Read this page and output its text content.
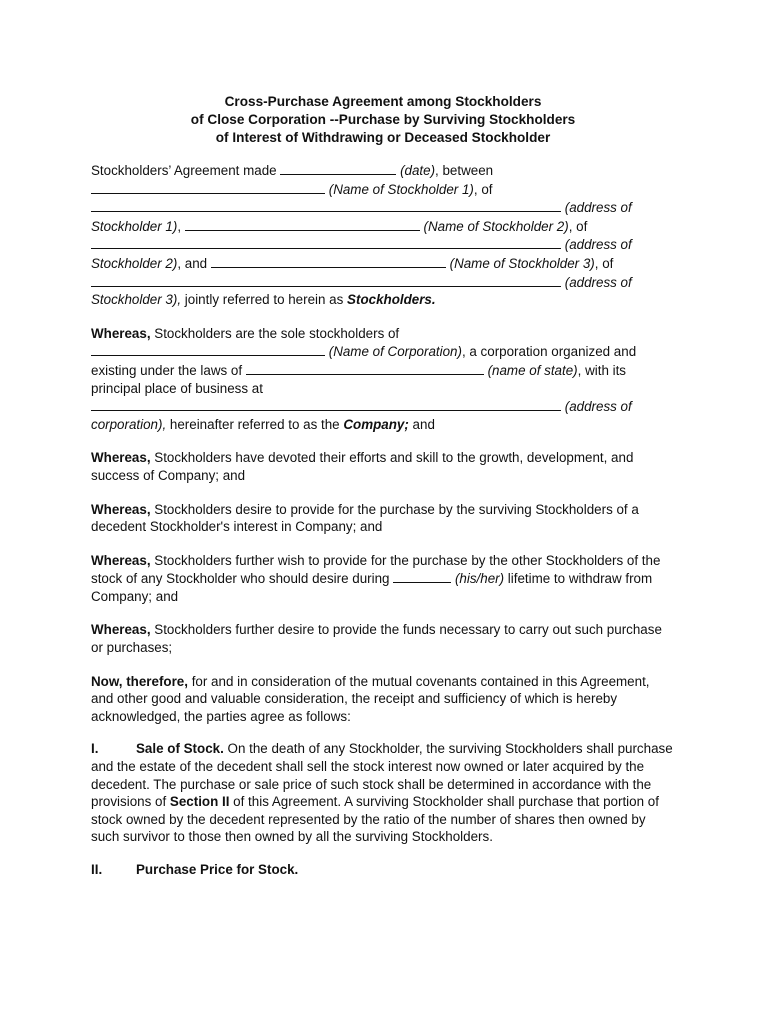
Cross-Purchase Agreement among Stockholders
of Close Corporation --Purchase by Surviving Stockholders
of Interest of Withdrawing or Deceased Stockholder
Stockholders’ Agreement made	(date), between
(Name of Stockholder 1), of
(address of
Stockholder 1),	(Name of Stockholder 2), of
(address of
Stockholder 2), and	(Name of Stockholder 3), of
(address of
Stockholder 3), jointly referred to herein as Stockholders.
Whereas, Stockholders are the sole stockholders of
(Name of Corporation), a corporation organized and
existing under the laws of	(name of state), with its
principal place of business at
(address of
corporation), hereinafter referred to as the Company; and

Whereas, Stockholders have devoted their efforts and skill to the growth, development, and success of Company; and

Whereas, Stockholders desire to provide for the purchase by the surviving Stockholders of a decedent Stockholder's interest in Company; and

Whereas, Stockholders further wish to provide for the purchase by the other Stockholders of the stock of any Stockholder who should desire during	(his/her) lifetime to withdraw from Company; and

Whereas, Stockholders further desire to provide the funds necessary to carry out such purchase or purchases;

Now, therefore, for and in consideration of the mutual covenants contained in this Agreement, and other good and valuable consideration, the receipt and sufficiency of which is hereby acknowledged, the parties agree as follows:

I.	Sale of Stock. On the death of any Stockholder, the surviving Stockholders shall purchase and the estate of the decedent shall sell the stock interest now owned or later acquired by the decedent. The purchase or sale price of such stock shall be determined in accordance with the provisions of Section II of this Agreement. A surviving Stockholder shall purchase that portion of stock owned by the decedent represented by the ratio of the number of shares then owned by such survivor to those then owned by all the surviving Stockholders.

II.	Purchase Price for Stock.
